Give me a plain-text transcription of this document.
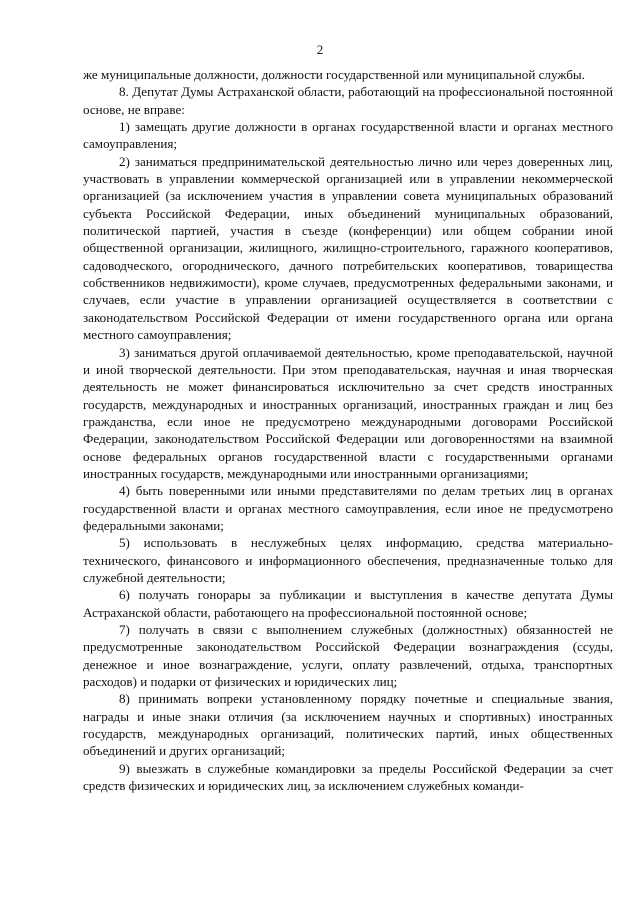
2

же муниципальные должности, должности государственной или муниципальной службы.

8. Депутат Думы Астраханской области, работающий на профессиональной постоянной основе, не вправе:

1) замещать другие должности в органах государственной власти и органах местного самоуправления;

2) заниматься предпринимательской деятельностью лично или через доверенных лиц, участвовать в управлении коммерческой организацией или в управлении некоммерческой организацией (за исключением участия в управлении совета муниципальных образований субъекта Российской Федерации, иных объединений муниципальных образований, политической партией, участия в съезде (конференции) или общем собрании иной общественной организации, жилищного, жилищно-строительного, гаражного кооперативов, садоводческого, огороднического, дачного потребительских кооперативов, товарищества собственников недвижимости), кроме случаев, предусмотренных федеральными законами, и случаев, если участие в управлении организацией осуществляется в соответствии с законодательством Российской Федерации от имени государственного органа или органа местного самоуправления;

3) заниматься другой оплачиваемой деятельностью, кроме преподавательской, научной и иной творческой деятельности. При этом преподавательская, научная и иная творческая деятельность не может финансироваться исключительно за счет средств иностранных государств, международных и иностранных организаций, иностранных граждан и лиц без гражданства, если иное не предусмотрено международными договорами Российской Федерации, законодательством Российской Федерации или договоренностями на взаимной основе федеральных органов государственной власти с государственными органами иностранных государств, международными или иностранными организациями;

4) быть поверенными или иными представителями по делам третьих лиц в органах государственной власти и органах местного самоуправления, если иное не предусмотрено федеральными законами;

5) использовать в неслужебных целях информацию, средства материально-технического, финансового и информационного обеспечения, предназначенные только для служебной деятельности;

6) получать гонорары за публикации и выступления в качестве депутата Думы Астраханской области, работающего на профессиональной постоянной основе;

7) получать в связи с выполнением служебных (должностных) обязанностей не предусмотренные законодательством Российской Федерации вознаграждения (ссуды, денежное и иное вознаграждение, услуги, оплату развлечений, отдыха, транспортных расходов) и подарки от физических и юридических лиц;

8) принимать вопреки установленному порядку почетные и специальные звания, награды и иные знаки отличия (за исключением научных и спортивных) иностранных государств, международных организаций, политических партий, иных общественных объединений и других организаций;

9) выезжать в служебные командировки за пределы Российской Федерации за счет средств физических и юридических лиц, за исключением служебных команди-
